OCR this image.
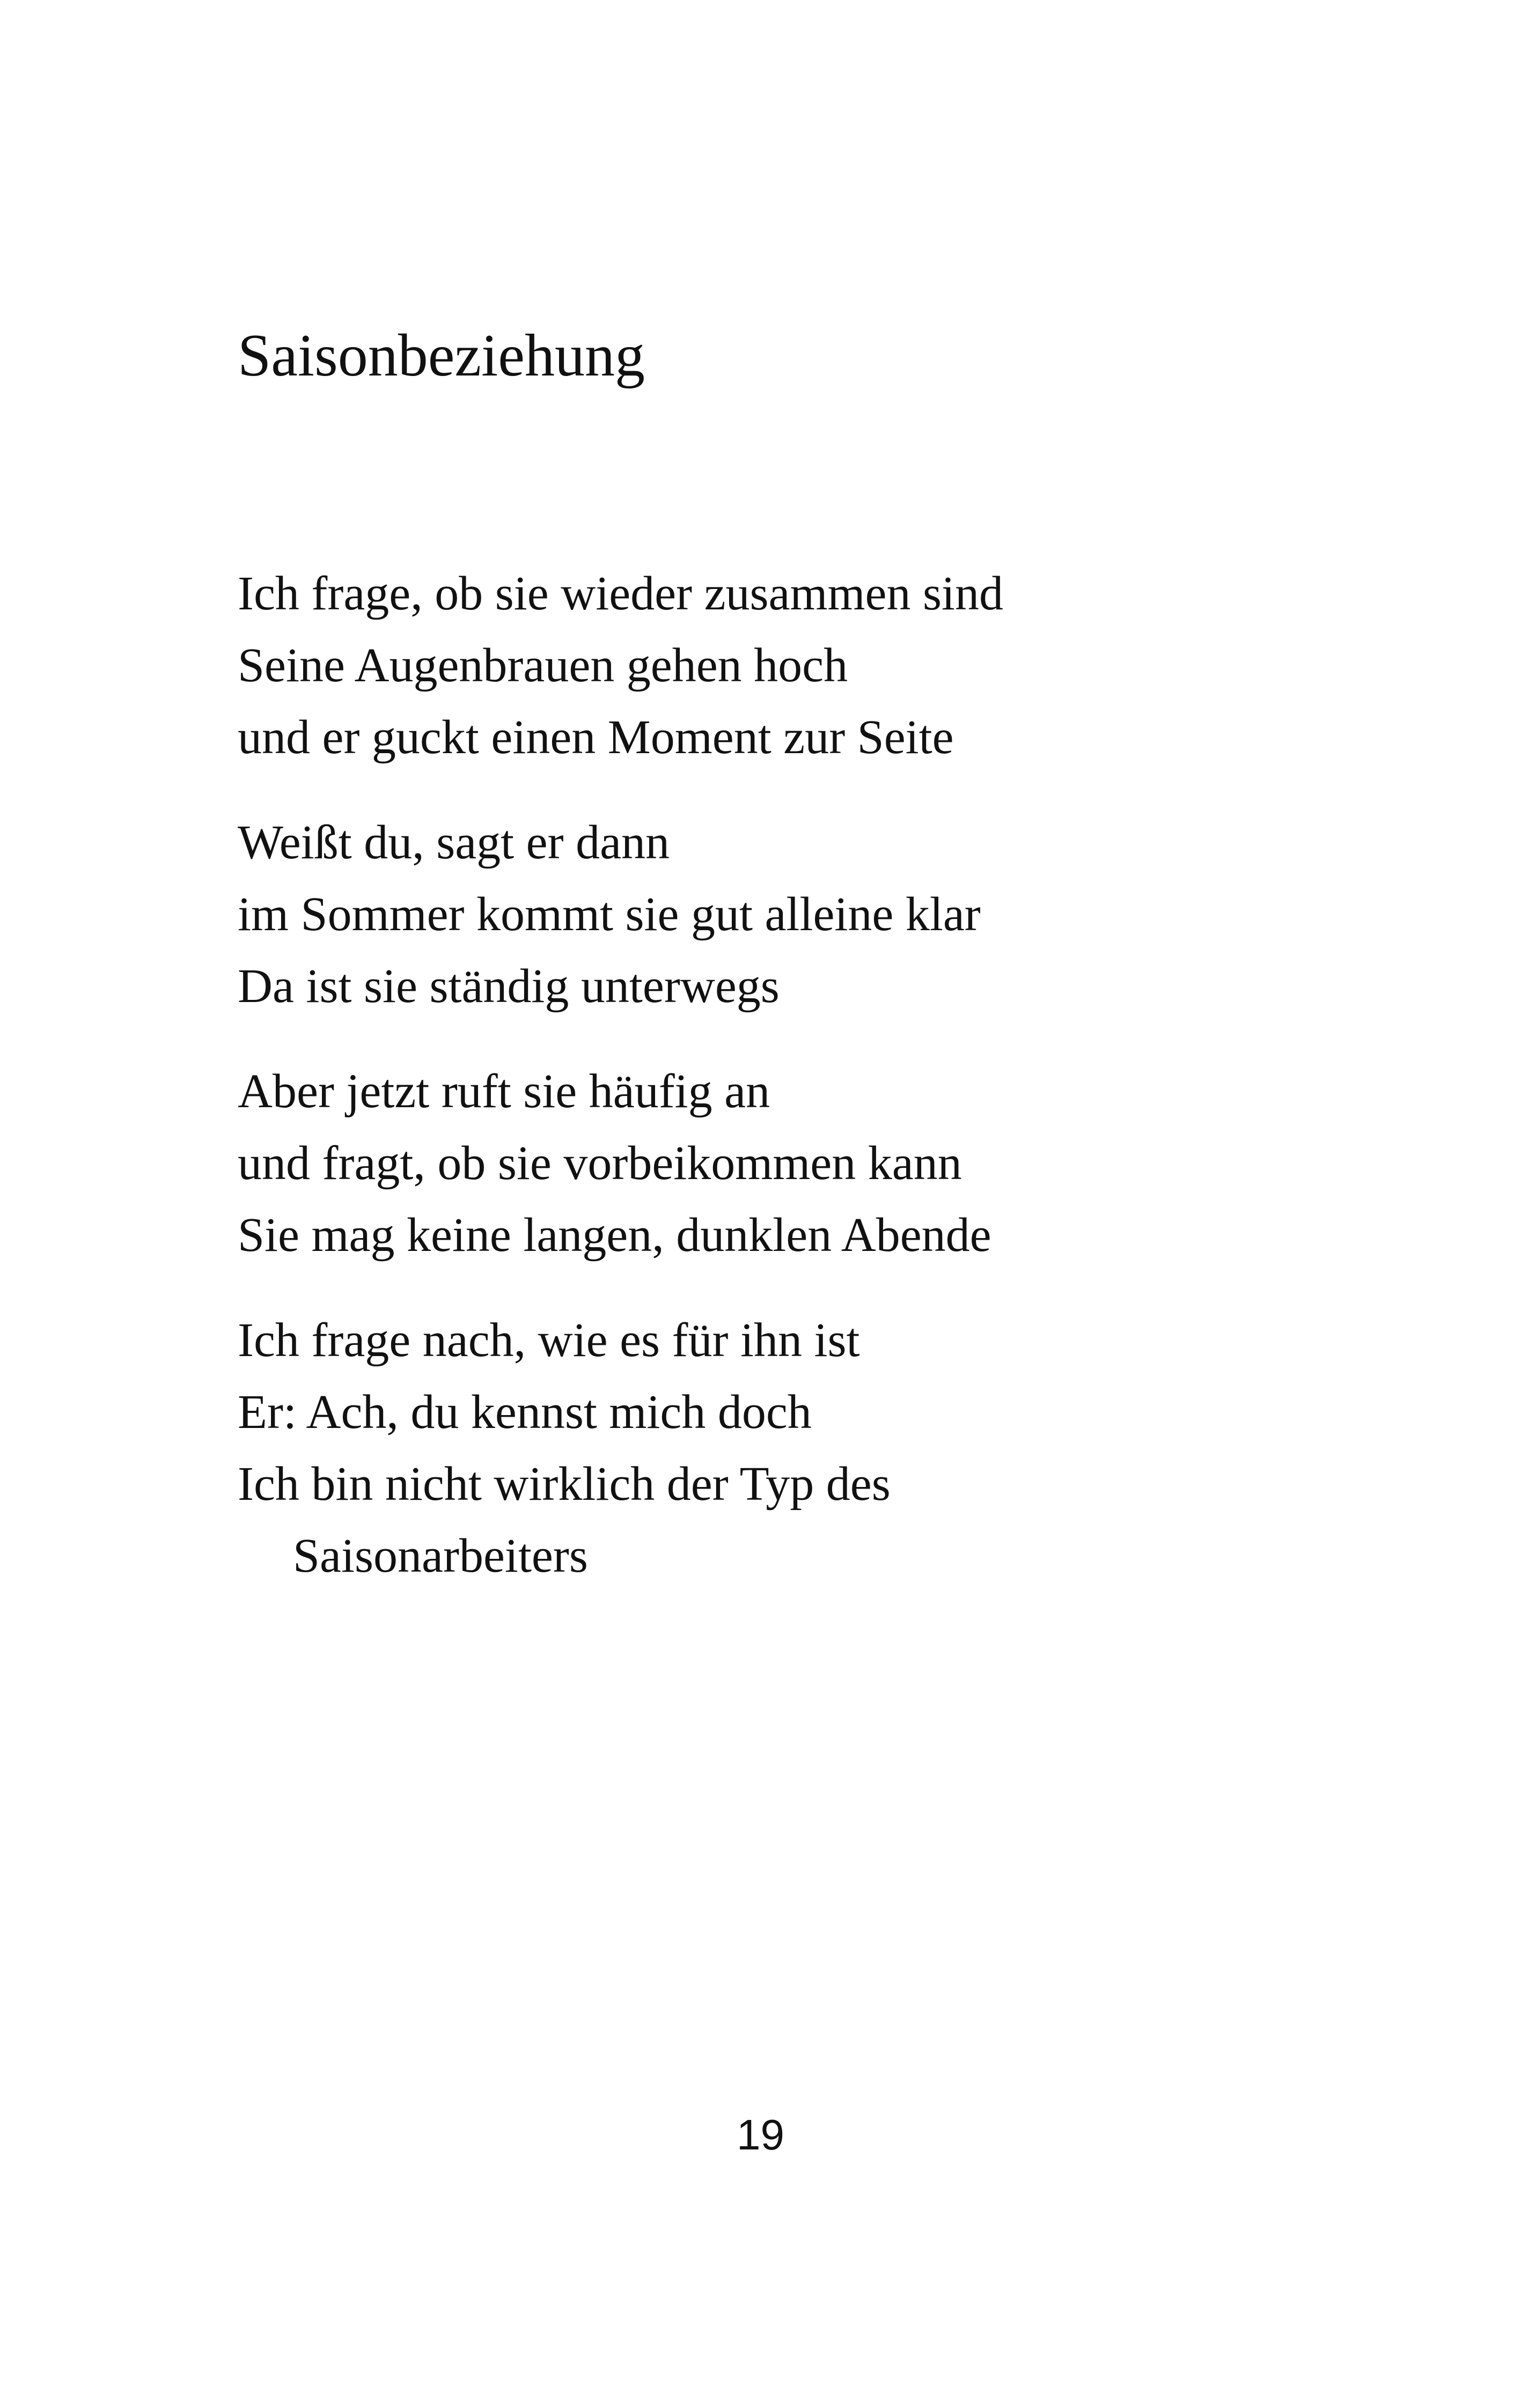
Saisonbeziehung

Ich frage, ob sie wieder zusammen sind
Seine Augenbrauen gehen hoch
und er guckt einen Moment zur Seite

Weißt du, sagt er dann
im Sommer kommt sie gut alleine klar
Da ist sie ständig unterwegs

Aber jetzt ruft sie häufig an
und fragt, ob sie vorbeikommen kann
Sie mag keine langen, dunklen Abende

Ich frage nach, wie es für ihn ist
Er: Ach, du kennst mich doch
Ich bin nicht wirklich der Typ des
Saisonarbeiters

19
